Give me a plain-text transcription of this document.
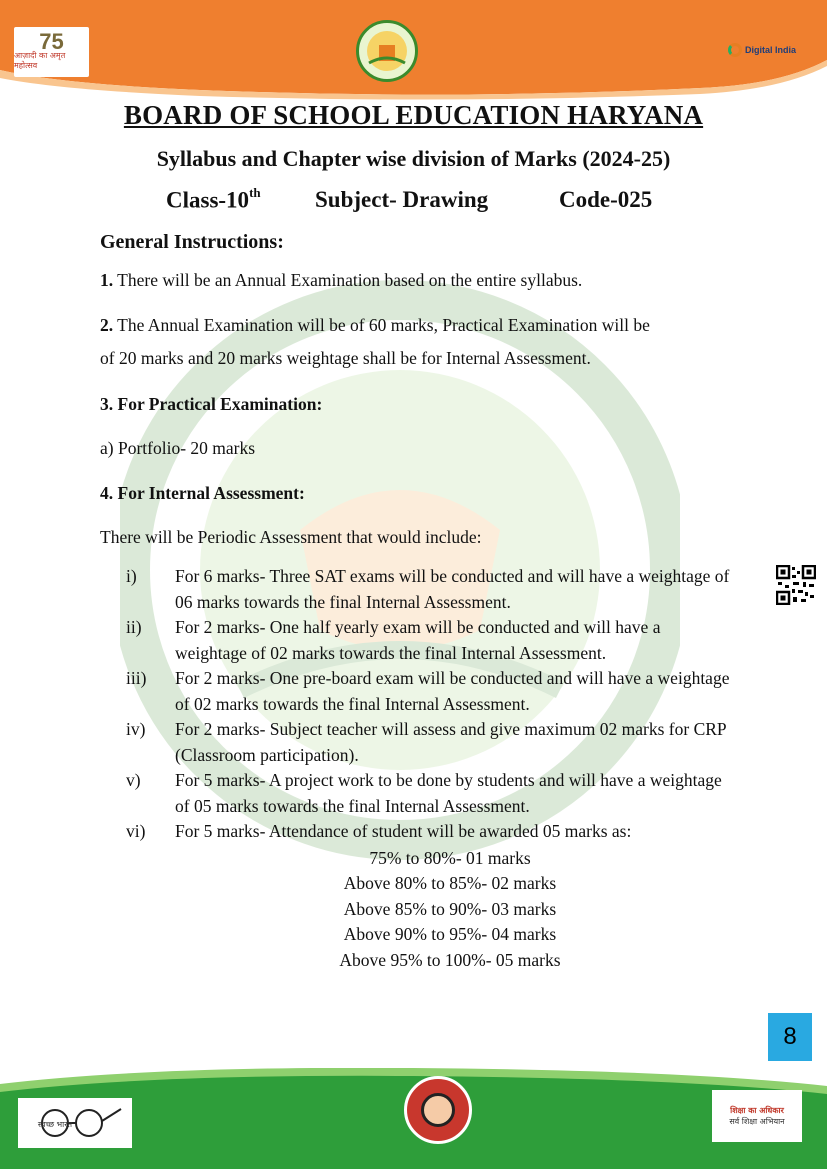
75
आज़ादी का अमृत महोत्सव
Digital India
BOARD OF SCHOOL EDUCATION HARYANA
Syllabus and Chapter wise division of Marks (2024-25)
Class-10th Subject- Drawing	Code-025
General Instructions:
1. There will be an Annual Examination based on the entire syllabus.
2. The Annual Examination will be of 60 marks, Practical Examination will be
of 20 marks and 20 marks weightage shall be for Internal Assessment.
3. For Practical Examination:
a) Portfolio- 20 marks
4. For Internal Assessment:
There will be Periodic Assessment that would include:
i) For 6 marks- Three SAT exams will be conducted and will have a weightage of 06 marks towards the final Internal Assessment.
ii) For 2 marks- One half yearly exam will be conducted and will have a weightage of 02 marks towards the final Internal Assessment.
iii) For 2 marks- One pre-board exam will be conducted and will have a weightage of 02 marks towards the final Internal Assessment.
iv) For 2 marks- Subject teacher will assess and give maximum 02 marks for CRP (Classroom participation).
v) For 5 marks- A project work to be done by students and will have a weightage of 05 marks towards the final Internal Assessment.
vi) For 5 marks- Attendance of student will be awarded 05 marks as:
75% to 80%- 01 marks
Above 80% to 85%- 02 marks
Above 85% to 90%- 03 marks
Above 90% to 95%- 04 marks
Above 95% to 100%- 05 marks
8
स्वच्छ भारत
शिक्षा का अधिकार
सर्व शिक्षा अभियान
